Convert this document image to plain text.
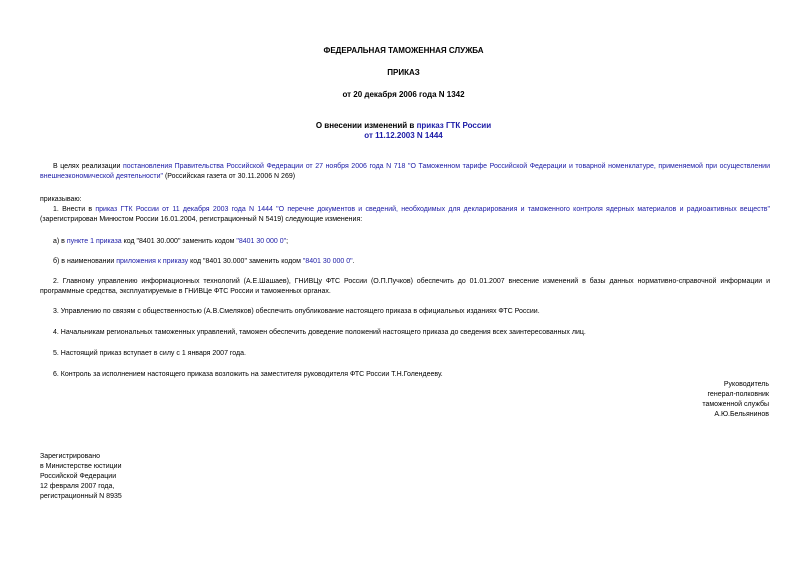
ФЕДЕРАЛЬНАЯ ТАМОЖЕННАЯ СЛУЖБА
ПРИКАЗ
от 20 декабря 2006 года N 1342
О внесении изменений в приказ ГТК России
от 11.12.2003 N 1444

В целях реализации постановления Правительства Российской Федерации от 27 ноября 2006 года N 718 "О Таможенном тарифе Российской Федерации и товарной номенклатуре, применяемой при осуществлении внешнеэкономической деятельности" (Российская газета от 30.11.2006 N 269)

приказываю:

1. Внести в приказ ГТК России от 11 декабря 2003 года N 1444 "О перечне документов и сведений, необходимых для декларирования и таможенного контроля ядерных материалов и радиоактивных веществ" (зарегистрирован Минюстом России 16.01.2004, регистрационный N 5419) следующие изменения:

а) в пункте 1 приказа код "8401 30.000" заменить кодом "8401 30 000 0";

б) в наименовании приложения к приказу код "8401 30.000" заменить кодом "8401 30 000 0".

2. Главному управлению информационных технологий (А.Е.Шашаев), ГНИВЦу ФТС России (О.П.Пучков) обеспечить до 01.01.2007 внесение изменений в базы данных нормативно-справочной информации и программные средства, эксплуатируемые в ГНИВЦе ФТС России и таможенных органах.

3. Управлению по связям с общественностью (А.В.Смеляков) обеспечить опубликование настоящего приказа в официальных изданиях ФТС России.

4. Начальникам региональных таможенных управлений, таможен обеспечить доведение положений настоящего приказа до сведения всех заинтересованных лиц.

5. Настоящий приказ вступает в силу с 1 января 2007 года.

6. Контроль за исполнением настоящего приказа возложить на заместителя руководителя ФТС России Т.Н.Голендееву.

Руководитель
генерал-полковник
таможенной службы
А.Ю.Бельянинов
Зарегистрировано
в Министерстве юстиции
Российской Федерации
12 февраля 2007 года,
регистрационный N 8935
